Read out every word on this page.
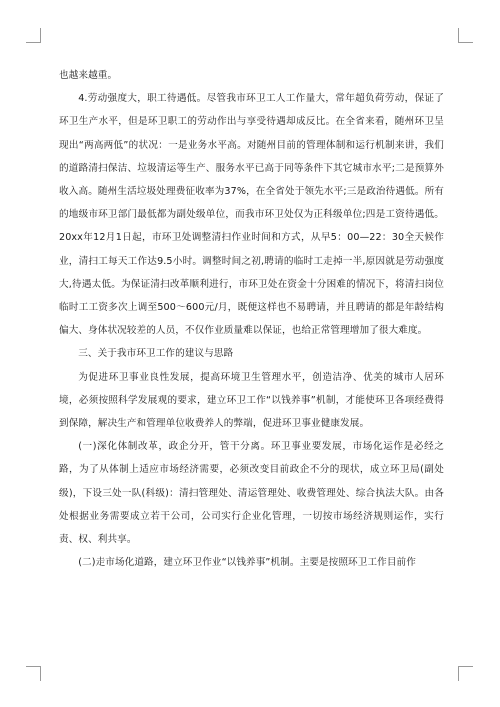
也越来越重。

4.劳动强度大，职工待遇低。尽管我市环卫工人工作量大，常年超负荷劳动，保证了环卫生产水平，但是环卫职工的劳动作出与享受待遇却成反比。在全省来看，随州环卫呈现出“两高两低”的状况：一是业务水平高。对随州目前的管理体制和运行机制来讲，我们的道路清扫保洁、垃圾清运等生产、服务水平已高于同等条件下其它城市水平;二是预算外收入高。随州生活垃圾处理费征收率为37%，在全省处于领先水平;三是政治待遇低。所有的地级市环卫部门最低都为副处级单位，而我市环卫处仅为正科级单位;四是工资待遇低。20xx年12月1日起，市环卫处调整清扫作业时间和方式，从早5：00—22：30全天候作业，清扫工每天工作达9.5小时。调整时间之初,聘请的临时工走掉一半,原因就是劳动强度大,待遇太低。为保证清扫改革顺利进行，市环卫处在资金十分困难的情况下，将清扫岗位临时工工资多次上调至500～600元/月，既便这样也不易聘请，并且聘请的都是年龄结构偏大、身体状况较差的人员，不仅作业质量难以保证，也给正常管理增加了很大难度。

三、关于我市环卫工作的建议与思路

为促进环卫事业良性发展，提高环境卫生管理水平，创造洁净、优美的城市人居环境，必须按照科学发展观的要求，建立环卫工作“以钱养事”机制，才能使环卫各项经费得到保障，解决生产和管理单位收费养人的弊端，促进环卫事业健康发展。

(一)深化体制改革，政企分开，管干分离。环卫事业要发展，市场化运作是必经之路，为了从体制上适应市场经济需要，必须改变目前政企不分的现状，成立环卫局(副处级)，下设三处一队(科级)：清扫管理处、清运管理处、收费管理处、综合执法大队。由各处根据业务需要成立若干公司，公司实行企业化管理，一切按市场经济规则运作，实行责、权、利共享。

(二)走市场化道路，建立环卫作业“以钱养事”机制。主要是按照环卫工作目前作
